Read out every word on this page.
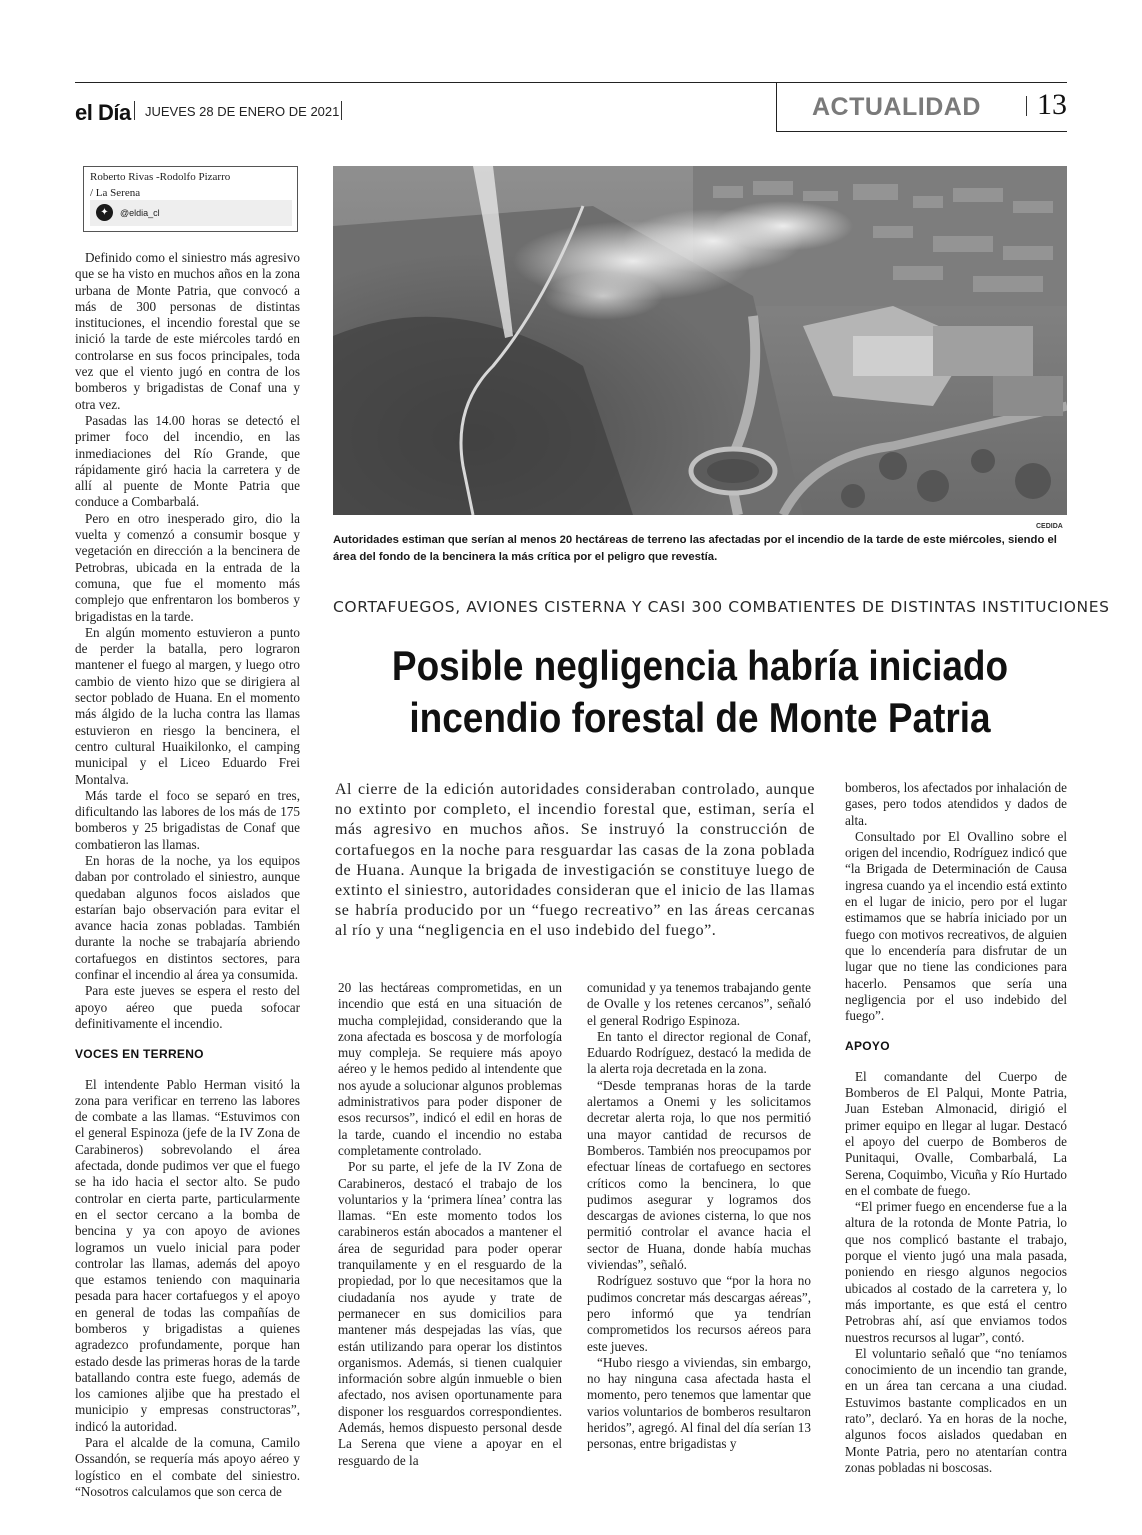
el Día JUEVES 28 DE ENERO DE 2021	ACTUALIDAD 13
Roberto Rivas -Rodolfo Pizarro
/ La Serena
✦	@eldia_cl
CEDIDA
Autoridades estiman que serían al menos 20 hectáreas de terreno las afectadas por el incendio de la tarde de este miércoles, siendo el área del fondo de la bencinera la más crítica por el peligro que revestía.
CORTAFUEGOS, AVIONES CISTERNA Y CASI 300 COMBATIENTES DE DISTINTAS INSTITUCIONES
Posible negligencia habría iniciado incendio forestal de Monte Patria
Al cierre de la edición autoridades consideraban controlado, aunque no extinto por completo, el incendio forestal que, estiman, sería el más agresivo en muchos años. Se instruyó la construcción de cortafuegos en la noche para resguardar las casas de la zona poblada de Huana. Aunque la brigada de investigación se constituye luego de extinto el siniestro, autoridades consideran que el inicio de las llamas se habría producido por un “fuego recreativo” en las áreas cercanas al río y una “negligencia en el uso indebido del fuego”.

Definido como el siniestro más agresivo que se ha visto en muchos años en la zona urbana de Monte Patria, que convocó a más de 300 personas de distintas instituciones, el incendio forestal que se inició la tarde de este miércoles tardó en controlarse en sus focos principales, toda vez que el viento jugó en contra de los bomberos y brigadistas de Conaf una y otra vez.

Pasadas las 14.00 horas se detectó el primer foco del incendio, en las inmediaciones del Río Grande, que rápidamente giró hacia la carretera y de allí al puente de Monte Patria que conduce a Combarbalá.

Pero en otro inesperado giro, dio la vuelta y comenzó a consumir bosque y vegetación en dirección a la bencinera de Petrobras, ubicada en la entrada de la comuna, que fue el momento más complejo que enfrentaron los bomberos y brigadistas en la tarde.

En algún momento estuvieron a punto de perder la batalla, pero lograron mantener el fuego al margen, y luego otro cambio de viento hizo que se dirigiera al sector poblado de Huana. En el momento más álgido de la lucha contra las llamas estuvieron en riesgo la bencinera, el centro cultural Huaikilonko, el camping municipal y el Liceo Eduardo Frei Montalva.

Más tarde el foco se separó en tres, dificultando las labores de los más de 175 bomberos y 25 brigadistas de Conaf que combatieron las llamas.

En horas de la noche, ya los equipos daban por controlado el siniestro, aunque quedaban algunos focos aislados que estarían bajo observación para evitar el avance hacia zonas pobladas. También durante la noche se trabajaría abriendo cortafuegos en distintos sectores, para confinar el incendio al área ya consumida.

Para este jueves se espera el resto del apoyo aéreo que pueda sofocar definitivamente el incendio.

VOCES EN TERRENO

El intendente Pablo Herman visitó la zona para verificar en terreno las labores de combate a las llamas. “Estuvimos con el general Espinoza (jefe de la IV Zona de Carabineros) sobrevolando el área afectada, donde pudimos ver que el fuego se ha ido hacia el sector alto. Se pudo controlar en cierta parte, particularmente en el sector cercano a la bomba de bencina y ya con apoyo de aviones logramos un vuelo inicial para poder controlar las llamas, además del apoyo que estamos teniendo con maquinaria pesada para hacer cortafuegos y el apoyo en general de todas las compañías de bomberos y brigadistas a quienes agradezco profundamente, porque han estado desde las primeras horas de la tarde batallando contra este fuego, además de los camiones aljibe que ha prestado el municipio y empresas constructoras”, indicó la autoridad.

Para el alcalde de la comuna, Camilo Ossandón, se requería más apoyo aéreo y logístico en el combate del siniestro. “Nosotros calculamos que son cerca de

20 las hectáreas comprometidas, en un incendio que está en una situación de mucha complejidad, considerando que la zona afectada es boscosa y de morfología muy compleja. Se requiere más apoyo aéreo y le hemos pedido al intendente que nos ayude a solucionar algunos problemas administrativos para poder disponer de esos recursos”, indicó el edil en horas de la tarde, cuando el incendio no estaba completamente controlado.

Por su parte, el jefe de la IV Zona de Carabineros, destacó el trabajo de los voluntarios y la ‘primera línea’ contra las llamas. “En este momento todos los carabineros están abocados a mantener el área de seguridad para poder operar tranquilamente y en el resguardo de la propiedad, por lo que necesitamos que la ciudadanía nos ayude y trate de permanecer en sus domicilios para mantener más despejadas las vías, que están utilizando para operar los distintos organismos. Además, si tienen cualquier información sobre algún inmueble o bien afectado, nos avisen oportunamente para disponer los resguardos correspondientes. Además, hemos dispuesto personal desde La Serena que viene a apoyar en el resguardo de la

comunidad y ya tenemos trabajando gente de Ovalle y los retenes cercanos”, señaló el general Rodrigo Espinoza.

En tanto el director regional de Conaf, Eduardo Rodríguez, destacó la medida de la alerta roja decretada en la zona.

“Desde tempranas horas de la tarde alertamos a Onemi y les solicitamos decretar alerta roja, lo que nos permitió una mayor cantidad de recursos de Bomberos. También nos preocupamos por efectuar líneas de cortafuego en sectores críticos como la bencinera, lo que pudimos asegurar y logramos dos descargas de aviones cisterna, lo que nos permitió controlar el avance hacia el sector de Huana, donde había muchas viviendas”, señaló.

Rodríguez sostuvo que “por la hora no pudimos concretar más descargas aéreas”, pero informó que ya tendrían comprometidos los recursos aéreos para este jueves.

“Hubo riesgo a viviendas, sin embargo, no hay ninguna casa afectada hasta el momento, pero tenemos que lamentar que varios voluntarios de bomberos resultaron heridos”, agregó. Al final del día serían 13 personas, entre brigadistas y

bomberos, los afectados por inhalación de gases, pero todos atendidos y dados de alta.

Consultado por El Ovallino sobre el origen del incendio, Rodríguez indicó que “la Brigada de Determinación de Causa ingresa cuando ya el incendio está extinto en el lugar de inicio, pero por el lugar estimamos que se habría iniciado por un fuego con motivos recreativos, de alguien que lo encendería para disfrutar de un lugar que no tiene las condiciones para hacerlo. Pensamos que sería una negligencia por el uso indebido del fuego”.

APOYO

El comandante del Cuerpo de Bomberos de El Palqui, Monte Patria, Juan Esteban Almonacid, dirigió el primer equipo en llegar al lugar. Destacó el apoyo del cuerpo de Bomberos de Punitaqui, Ovalle, Combarbalá, La Serena, Coquimbo, Vicuña y Río Hurtado en el combate de fuego.

“El primer fuego en encenderse fue a la altura de la rotonda de Monte Patria, lo que nos complicó bastante el trabajo, porque el viento jugó una mala pasada, poniendo en riesgo algunos negocios ubicados al costado de la carretera y, lo más importante, es que está el centro Petrobras ahí, así que enviamos todos nuestros recursos al lugar”, contó.

El voluntario señaló que “no teníamos conocimiento de un incendio tan grande, en un área tan cercana a una ciudad. Estuvimos bastante complicados en un rato”, declaró. Ya en horas de la noche, algunos focos aislados quedaban en Monte Patria, pero no atentarían contra zonas pobladas ni boscosas.
